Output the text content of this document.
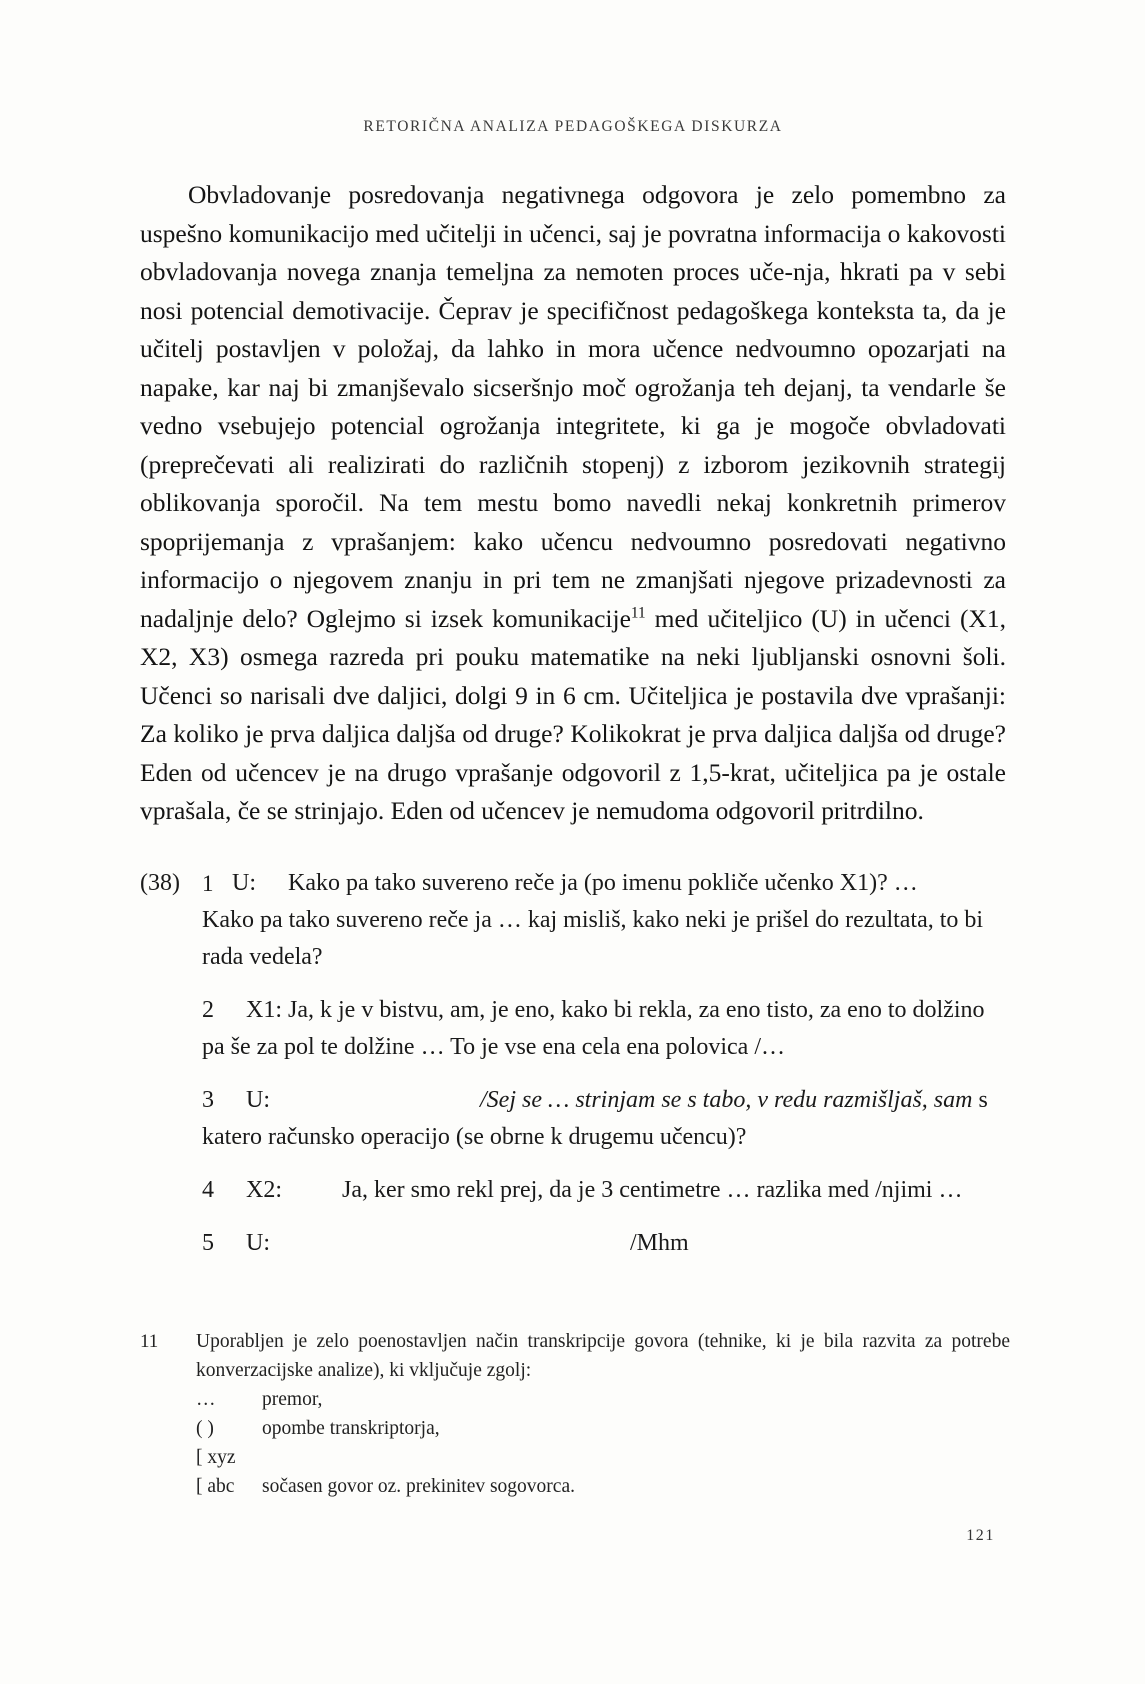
RETORIČNA ANALIZA PEDAGOŠKEGA DISKURZA

Obvladovanje posredovanja negativnega odgovora je zelo pomembno za uspešno komunikacijo med učitelji in učenci, saj je povratna informacija o kakovosti obvladovanja novega znanja temeljna za nemoten proces uče-nja, hkrati pa v sebi nosi potencial demotivacije. Čeprav je specifičnost pedagoškega konteksta ta, da je učitelj postavljen v položaj, da lahko in mora učence nedvoumno opozarjati na napake, kar naj bi zmanjševalo sicseršnjo moč ogrožanja teh dejanj, ta vendarle še vedno vsebujejo potencial ogrožanja integritete, ki ga je mogoče obvladovati (preprečevati ali realizirati do različnih stopenj) z izborom jezikovnih strategij oblikovanja sporočil. Na tem mestu bomo navedli nekaj konkretnih primerov spoprijemanja z vprašanjem: kako učencu nedvoumno posredovati negativno informacijo o njegovem znanju in pri tem ne zmanjšati njegove prizadevnosti za nadaljnje delo? Oglejmo si izsek komunikacije$^{11}$ med učiteljico (U) in učenci (X1, X2, X3) osmega razreda pri pouku matematike na neki ljubljanski osnovni šoli. Učenci so narisali dve daljici, dolgi 9 in 6 cm. Učiteljica je postavila dve vprašanji: Za koliko je prva daljica daljša od druge? Kolikokrat je prva daljica daljša od druge? Eden od učencev je na drugo vprašanje odgovoril z 1,5-krat, učiteljica pa je ostale vprašala, če se strinjajo. Eden od učencev je nemudoma odgovoril pritrdilno.

(38) 1 U: Kako pa tako suvereno reče ja (po imenu pokliče učenko X1)? …

Kako pa tako suvereno reče ja … kaj misliš, kako neki je prišel do rezultata, to bi rada vedela?

2 X1: Ja, k je v bistvu, am, je eno, kako bi rekla, za eno tisto, za eno to dolžino pa še za pol te dolžine … To je vse ena cela ena polovica /…

3 U:	/Sej se … strinjam se s tabo, v redu razmišljaš, sam s katero računsko operacijo (se obrne k drugemu učencu)?

4 X2:	Ja, ker smo rekl prej, da je 3 centimetre … razlika med /njimi …

5 U:	/Mhm

11	Uporabljen je zelo poenostavljen način transkripcije govora (tehnike, ki je bila razvita za potrebe konverzacijske analize), ki vključuje zgolj:

…	premor,
( )	opombe transkriptorja,
[ xyz
[ abc	sočasen govor oz. prekinitev sogovorca.
121
